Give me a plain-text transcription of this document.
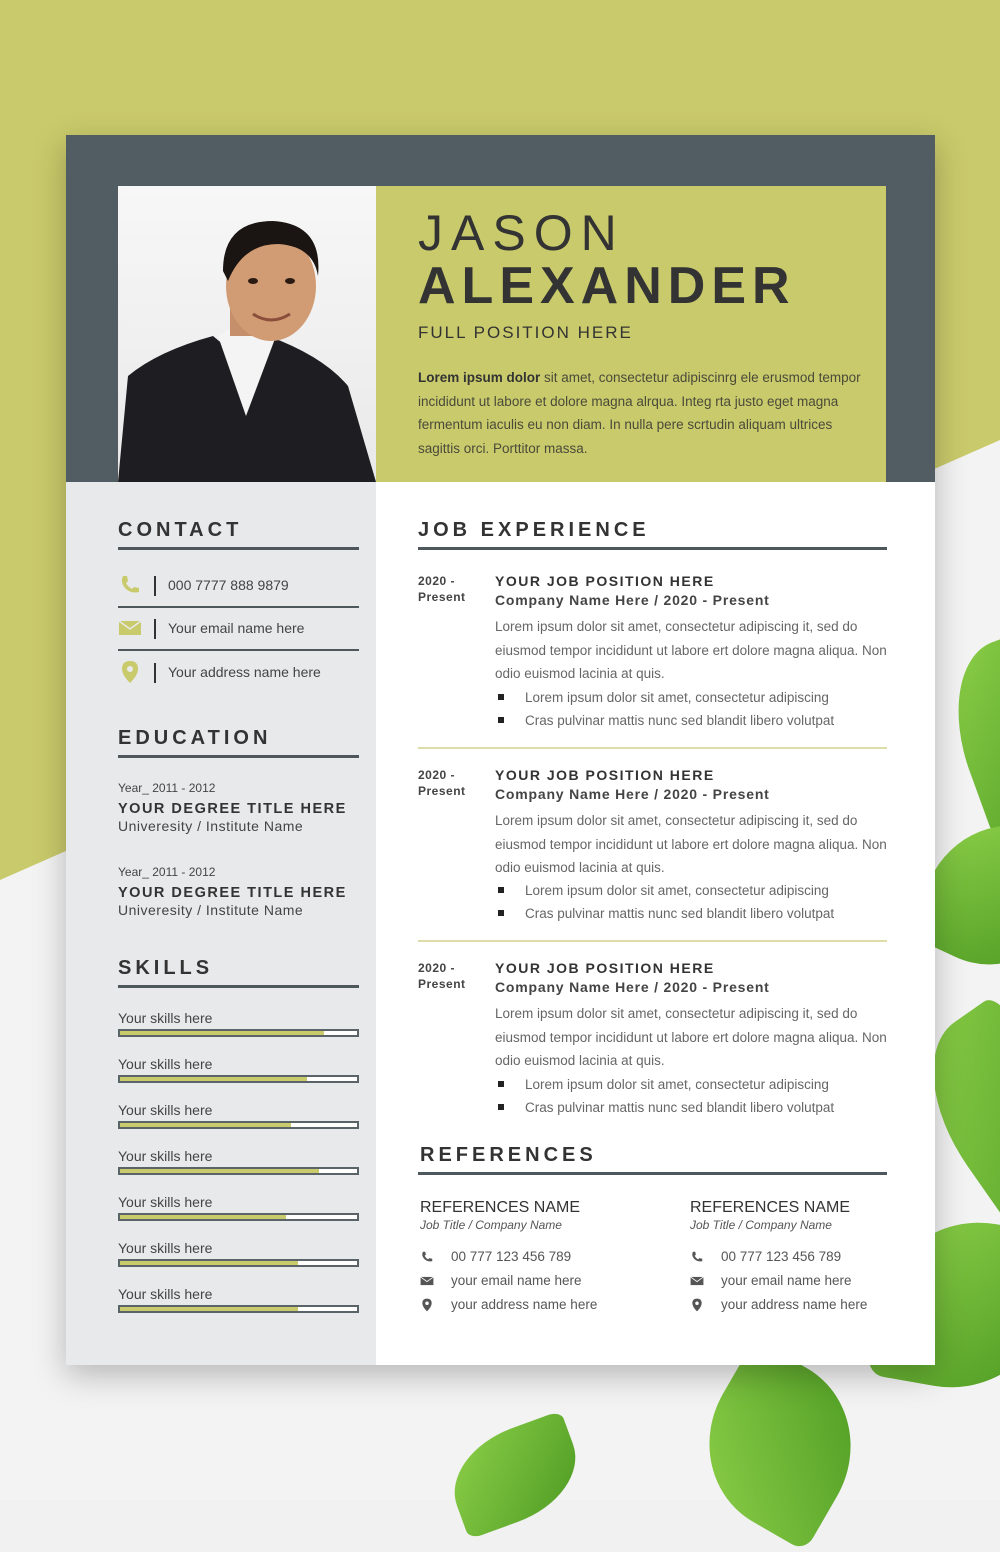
JASON
ALEXANDER
FULL POSITION HERE
Lorem ipsum dolor sit amet, consectetur adipiscinrg ele erusmod tempor incididunt ut labore et dolore magna alrqua. Integ rta justo eget magna fermentum iaculis eu non diam. In nulla pere scrtudin aliquam ultrices sagittis orci. Porttitor massa.
CONTACT
000 7777 888 9879
Your email name here
Your address name here
EDUCATION
Year_ 2011 - 2012
YOUR DEGREE TITLE HERE
Univeresity / Institute Name
Year_ 2011 - 2012
YOUR DEGREE TITLE HERE
Univeresity / Institute Name
SKILLS
Your skills here
Your skills here
Your skills here
Your skills here
Your skills here
Your skills here
Your skills here
JOB EXPERIENCE
2020 -
Present
YOUR JOB POSITION HERE
Company Name Here / 2020 - Present
Lorem ipsum dolor sit amet, consectetur adipiscing it, sed do eiusmod tempor incididunt ut labore ert dolore magna aliqua. Non odio euismod lacinia at quis.
Lorem ipsum dolor sit amet, consectetur adipiscing
Cras pulvinar mattis nunc sed blandit libero volutpat
2020 -
Present
YOUR JOB POSITION HERE
Company Name Here / 2020 - Present
Lorem ipsum dolor sit amet, consectetur adipiscing it, sed do eiusmod tempor incididunt ut labore ert dolore magna aliqua. Non odio euismod lacinia at quis.
Lorem ipsum dolor sit amet, consectetur adipiscing
Cras pulvinar mattis nunc sed blandit libero volutpat
2020 -
Present
YOUR JOB POSITION HERE
Company Name Here / 2020 - Present
Lorem ipsum dolor sit amet, consectetur adipiscing it, sed do eiusmod tempor incididunt ut labore ert dolore magna aliqua. Non odio euismod lacinia at quis.
Lorem ipsum dolor sit amet, consectetur adipiscing
Cras pulvinar mattis nunc sed blandit libero volutpat
REFERENCES
REFERENCES NAME
Job Title / Company Name
00 777 123 456 789
your email name here
your address name here
REFERENCES NAME
Job Title / Company Name
00 777 123 456 789
your email name here
your address name here
